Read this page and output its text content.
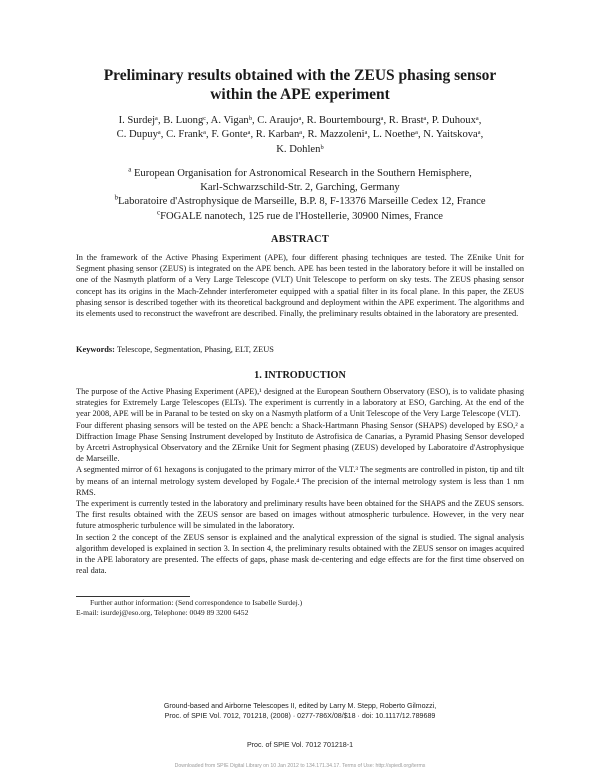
Preliminary results obtained with the ZEUS phasing sensor
within the APE experiment
I. Surdejᵃ, B. Luongᶜ, A. Viganᵇ, C. Araujoᵃ, R. Bourtembourgᵃ, R. Brastᵃ, P. Duhouxᵃ,
C. Dupuyᵃ, C. Frankᵃ, F. Gonteᵃ, R. Karbanᵃ, R. Mazzoleniᵃ, L. Noetheᵃ, N. Yaitskovaᵃ,
K. Dohlenᵇ

$^a$ European Organisation for Astronomical Research in the Southern Hemisphere,

Karl-Schwarzschild-Str. 2, Garching, Germany

$^b$Laboratoire d'Astrophysique de Marseille, B.P. 8, F-13376 Marseille Cedex 12, France

$^c$FOGALE nanotech, 125 rue de l'Hostellerie, 30900 Nimes, France

ABSTRACT
In the framework of the Active Phasing Experiment (APE), four different phasing techniques are tested. The ZEnike Unit for Segment phasing sensor (ZEUS) is integrated on the APE bench. APE has been tested in the laboratory before it will be installed on one of the Nasmyth platform of a Very Large Telescope (VLT) Unit Telescope to perform on sky tests. The ZEUS phasing sensor concept has its origins in the Mach-Zehnder interferometer equipped with a spatial filter in its focal plane. In this paper, the ZEUS phasing sensor is described together with its theoretical background and deployment within the APE experiment. The algorithms and its elements used to reconstruct the wavefront are described. Finally, the preliminary results obtained in the laboratory are presented.
Keywords: Telescope, Segmentation, Phasing, ELT, ZEUS
1. INTRODUCTION

The purpose of the Active Phasing Experiment (APE),¹ designed at the European Southern Observatory (ESO), is to validate phasing strategies for Extremely Large Telescopes (ELTs). The experiment is currently in a laboratory at ESO, Garching. At the end of the year 2008, APE will be in Paranal to be tested on sky on a Nasmyth platform of a Unit Telescope of the Very Large Telescope (VLT).

Four different phasing sensors will be tested on the APE bench: a Shack-Hartmann Phasing Sensor (SHAPS) developed by ESO,² a Diffraction Image Phase Sensing Instrument developed by Instituto de Astrofisica de Canarias, a Pyramid Phasing Sensor developed by Arcetri Astrophysical Observatory and the ZErnike Unit for Segment phasing (ZEUS) developed by Laboratoire d'Astrophysique de Marseille.

A segmented mirror of 61 hexagons is conjugated to the primary mirror of the VLT.³ The segments are controlled in piston, tip and tilt by means of an internal metrology system developed by Fogale.⁴ The precision of the internal metrology system is less than 1 nm RMS.

The experiment is currently tested in the laboratory and preliminary results have been obtained for the SHAPS and the ZEUS sensors. The first results obtained with the ZEUS sensor are based on images without atmospheric turbulence. However, in the very near future atmospheric turbulence will be simulated in the laboratory.

In section 2 the concept of the ZEUS sensor is explained and the analytical expression of the signal is studied. The signal analysis algorithm developed is explained in section 3. In section 4, the preliminary results obtained with the ZEUS sensor on images acquired in the APE laboratory are presented. The effects of gaps, phase mask de-centering and edge effects are for the first time observed on real data.

Further author information: (Send correspondence to Isabelle Surdej.)
E-mail: isurdej@eso.org, Telephone: 0049 89 3200 6452
Ground-based and Airborne Telescopes II, edited by Larry M. Stepp, Roberto Gilmozzi,
Proc. of SPIE Vol. 7012, 701218, (2008) · 0277-786X/08/$18 · doi: 10.1117/12.789689
Proc. of SPIE Vol. 7012 701218-1
Downloaded from SPIE Digital Library on 10 Jan 2012 to 134.171.34.17. Terms of Use: http://spiedl.org/terms
